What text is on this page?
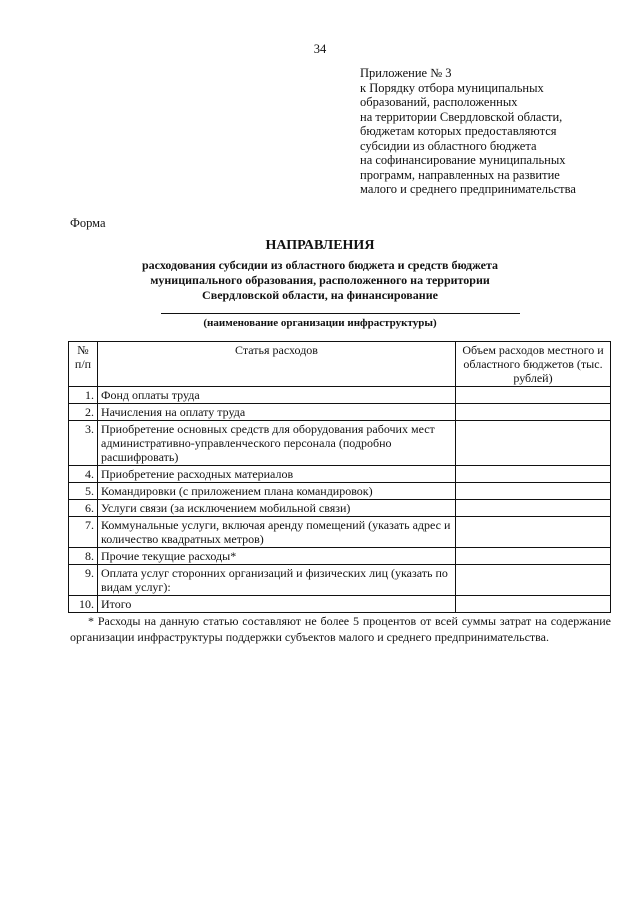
34
Приложение № 3
к Порядку отбора муниципальных
образований, расположенных
на территории Свердловской области,
бюджетам которых предоставляются
субсидии из областного бюджета
на софинансирование муниципальных
программ, направленных на развитие
малого и среднего предпринимательства
Форма
НАПРАВЛЕНИЯ
расходования субсидии из областного бюджета и средств бюджета
муниципального образования, расположенного на территории
Свердловской области, на финансирование
(наименование организации инфраструктуры)
№ п/п	Статья расходов	Объем расходов местного и областного бюджетов (тыс. рублей)
1.	Фонд оплаты труда	
2.	Начисления на оплату труда	
3.	Приобретение основных средств для оборудования рабочих мест административно-управленческого персонала (подробно расшифровать)	
4.	Приобретение расходных материалов	
5.	Командировки (с приложением плана командировок)	
6.	Услуги связи (за исключением мобильной связи)	
7.	Коммунальные услуги, включая аренду помещений (указать адрес и количество квадратных метров)	
8.	Прочие текущие расходы*	
9.	Оплата услуг сторонних организаций и физических лиц (указать по видам услуг):	
10.	Итого	
* Расходы на данную статью составляют не более 5 процентов от всей суммы затрат на содержание организации инфраструктуры поддержки субъектов малого и среднего предпринимательства.
